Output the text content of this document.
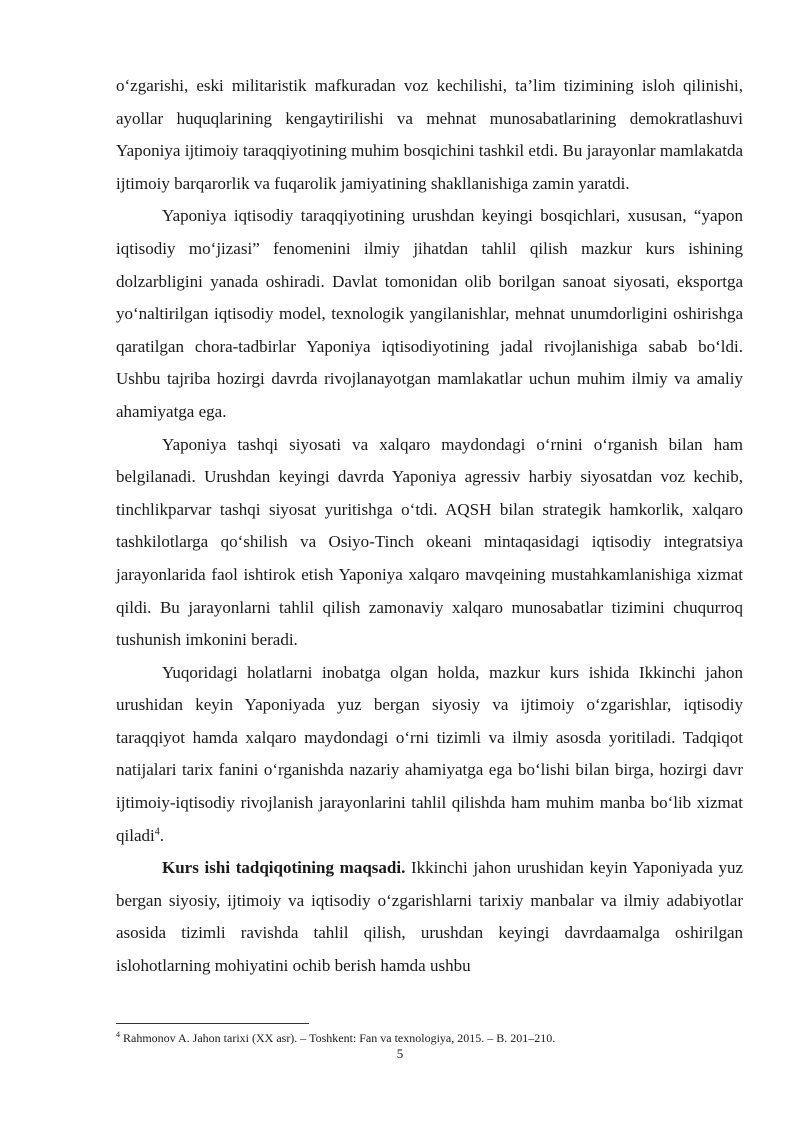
o‘zgarishi, eski militaristik mafkuradan voz kechilishi, ta’lim tizimining isloh qilinishi, ayollar huquqlarining kengaytirilishi va mehnat munosabatlarining demokratlashuvi Yaponiya ijtimoiy taraqqiyotining muhim bosqichini tashkil etdi. Bu jarayonlar mamlakatda ijtimoiy barqarorlik va fuqarolik jamiyatining shakllanishiga zamin yaratdi.

Yaponiya iqtisodiy taraqqiyotining urushdan keyingi bosqichlari, xususan, “yapon iqtisodiy mo‘jizasi” fenomenini ilmiy jihatdan tahlil qilish mazkur kurs ishining dolzarbligini yanada oshiradi. Davlat tomonidan olib borilgan sanoat siyosati, eksportga yo‘naltirilgan iqtisodiy model, texnologik yangilanishlar, mehnat unumdorligini oshirishga qaratilgan chora-tadbirlar Yaponiya iqtisodiyotining jadal rivojlanishiga sabab bo‘ldi. Ushbu tajriba hozirgi davrda rivojlanayotgan mamlakatlar uchun muhim ilmiy va amaliy ahamiyatga ega.

Yaponiya tashqi siyosati va xalqaro maydondagi o‘rnini o‘rganish bilan ham belgilanadi. Urushdan keyingi davrda Yaponiya agressiv harbiy siyosatdan voz kechib, tinchlikparvar tashqi siyosat yuritishga o‘tdi. AQSH bilan strategik hamkorlik, xalqaro tashkilotlarga qo‘shilish va Osiyo-Tinch okeani mintaqasidagi iqtisodiy integratsiya jarayonlarida faol ishtirok etish Yaponiya xalqaro mavqeining mustahkamlanishiga xizmat qildi. Bu jarayonlarni tahlil qilish zamonaviy xalqaro munosabatlar tizimini chuqurroq tushunish imkonini beradi.

Yuqoridagi holatlarni inobatga olgan holda, mazkur kurs ishida Ikkinchi jahon urushidan keyin Yaponiyada yuz bergan siyosiy va ijtimoiy o‘zgarishlar, iqtisodiy taraqqiyot hamda xalqaro maydondagi o‘rni tizimli va ilmiy asosda yoritiladi. Tadqiqot natijalari tarix fanini o‘rganishda nazariy ahamiyatga ega bo‘lishi bilan birga, hozirgi davr ijtimoiy-iqtisodiy rivojlanish jarayonlarini tahlil qilishda ham muhim manba bo‘lib xizmat qiladi$^4$.

Kurs ishi tadqiqotining maqsadi. Ikkinchi jahon urushidan keyin Yaponiyada yuz bergan siyosiy, ijtimoiy va iqtisodiy o‘zgarishlarni tarixiy manbalar va ilmiy adabiyotlar asosida tizimli ravishda tahlil qilish, urushdan keyingi davrdaamalga oshirilgan islohotlarning mohiyatini ochib berish hamda ushbu

$^4$ Rahmonov A. Jahon tarixi (XX asr). – Toshkent: Fan va texnologiya, 2015. – B. 201–210.
5
